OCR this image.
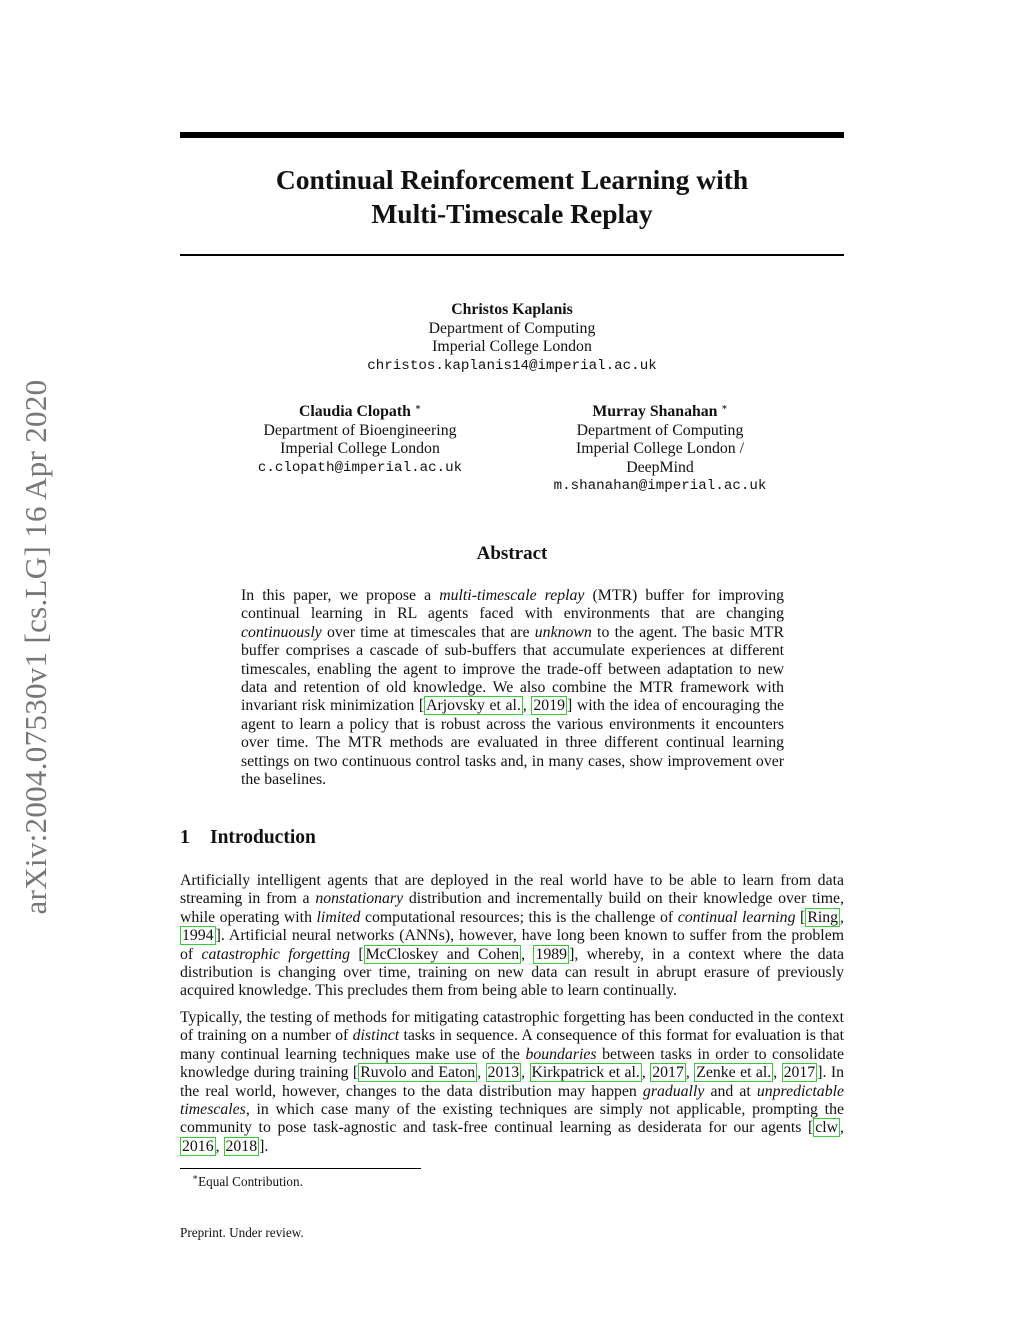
arXiv:2004.07530v1 [cs.LG] 16 Apr 2020
Continual Reinforcement Learning with
Multi-Timescale Replay
Christos Kaplanis
Department of Computing
Imperial College London
christos.kaplanis14@imperial.ac.uk
Claudia Clopath ∗
Department of Bioengineering
Imperial College London
c.clopath@imperial.ac.uk
Murray Shanahan ∗
Department of Computing
Imperial College London /
DeepMind
m.shanahan@imperial.ac.uk
Abstract
In this paper, we propose a multi-timescale replay (MTR) buffer for improving continual learning in RL agents faced with environments that are changing continuously over time at timescales that are unknown to the agent. The basic MTR buffer comprises a cascade of sub-buffers that accumulate experiences at different timescales, enabling the agent to improve the trade-off between adaptation to new data and retention of old knowledge. We also combine the MTR framework with invariant risk minimization [ Arjovsky et al. , 2019 ] with the idea of encouraging the agent to learn a policy that is robust across the various environments it encounters over time. The MTR methods are evaluated in three different continual learning settings on two continuous control tasks and, in many cases, show improvement over the baselines.
1 Introduction
Artificially intelligent agents that are deployed in the real world have to be able to learn from data streaming in from a nonstationary distribution and incrementally build on their knowledge over time, while operating with limited computational resources; this is the challenge of continual learning [ Ring , 1994 ]. Artificial neural networks (ANNs), however, have long been known to suffer from the problem of catastrophic forgetting [ McCloskey and Cohen , 1989 ], whereby, in a context where the data distribution is changing over time, training on new data can result in abrupt erasure of previously acquired knowledge. This precludes them from being able to learn continually.
Typically, the testing of methods for mitigating catastrophic forgetting has been conducted in the context of training on a number of distinct tasks in sequence. A consequence of this format for evaluation is that many continual learning techniques make use of the boundaries between tasks in order to consolidate knowledge during training [ Ruvolo and Eaton , 2013 , Kirkpatrick et al. , 2017 , Zenke et al. , 2017 ]. In the real world, however, changes to the data distribution may happen gradually and at unpredictable timescales, in which case many of the existing techniques are simply not applicable, prompting the community to pose task-agnostic and task-free continual learning as desiderata for our agents [ clw , 2016 , 2018 ].
∗Equal Contribution.
Preprint. Under review.
